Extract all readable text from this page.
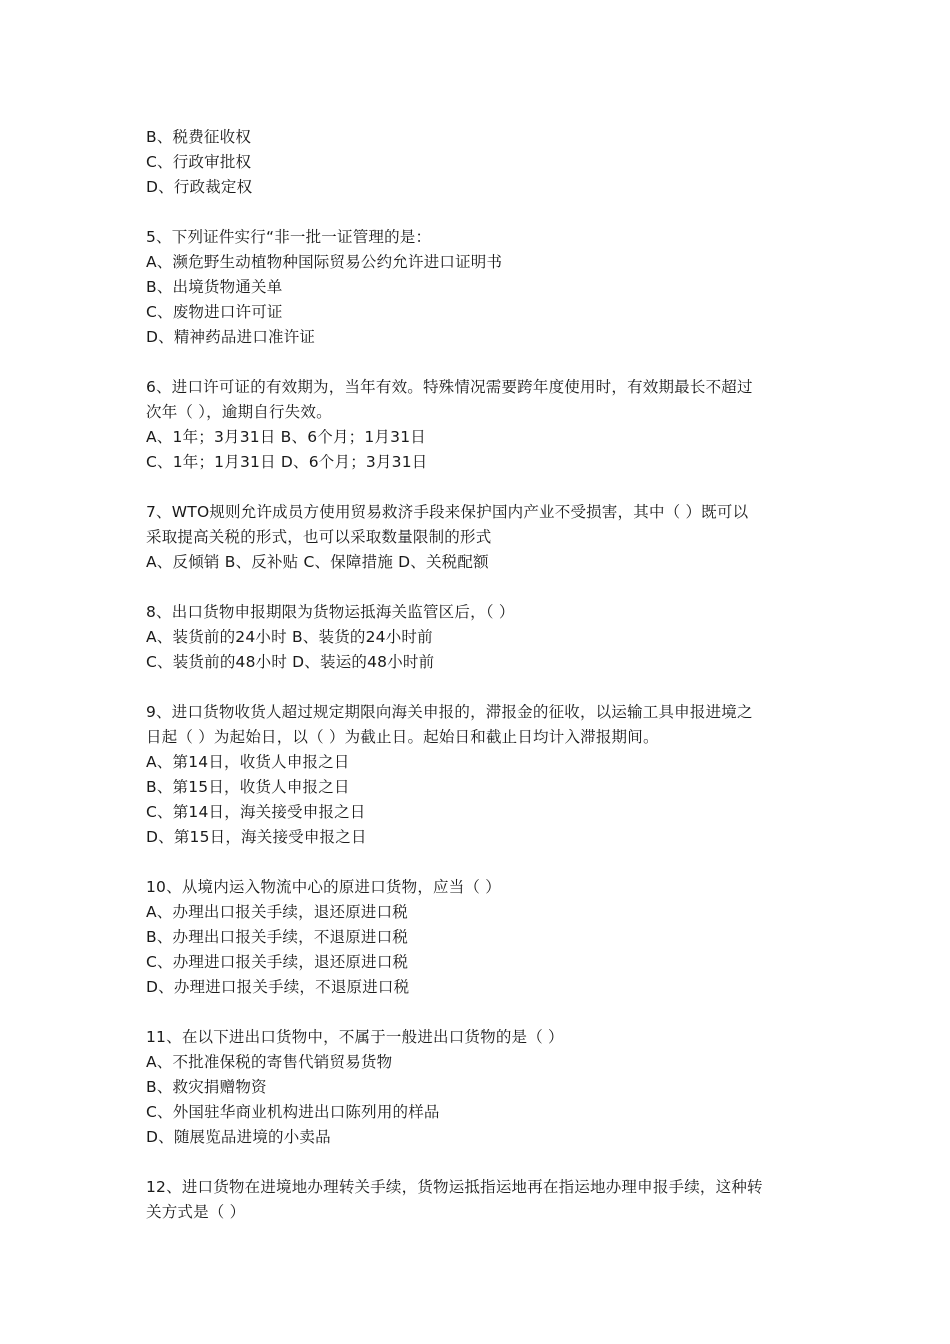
B、税费征收权
C、行政审批权
D、行政裁定权
5、下列证件实行“非一批一证管理的是：
A、濒危野生动植物种国际贸易公约允许进口证明书
B、出境货物通关单
C、废物进口许可证
D、精神药品进口准许证
6、进口许可证的有效期为，当年有效。特殊情况需要跨年度使用时，有效期最长不超过
次年（ ），逾期自行失效。
A、1年；3月31日 B、6个月；1月31日
C、1年；1月31日 D、6个月；3月31日
7、WTO规则允许成员方使用贸易救济手段来保护国内产业不受损害，其中（ ）既可以
采取提高关税的形式，也可以采取数量限制的形式
A、反倾销 B、反补贴 C、保障措施 D、关税配额
8、出口货物申报期限为货物运抵海关监管区后，（ ）
A、装货前的24小时 B、装货的24小时前
C、装货前的48小时 D、装运的48小时前
9、进口货物收货人超过规定期限向海关申报的，滞报金的征收，以运输工具申报进境之
日起（ ）为起始日，以（ ）为截止日。起始日和截止日均计入滞报期间。
A、第14日，收货人申报之日
B、第15日，收货人申报之日
C、第14日，海关接受申报之日
D、第15日，海关接受申报之日
10、从境内运入物流中心的原进口货物，应当（ ）
A、办理出口报关手续，退还原进口税
B、办理出口报关手续，不退原进口税
C、办理进口报关手续，退还原进口税
D、办理进口报关手续，不退原进口税
11、在以下进出口货物中，不属于一般进出口货物的是（ ）
A、不批准保税的寄售代销贸易货物
B、救灾捐赠物资
C、外国驻华商业机构进出口陈列用的样品
D、随展览品进境的小卖品
12、进口货物在进境地办理转关手续，货物运抵指运地再在指运地办理申报手续，这种转
关方式是（ ）
